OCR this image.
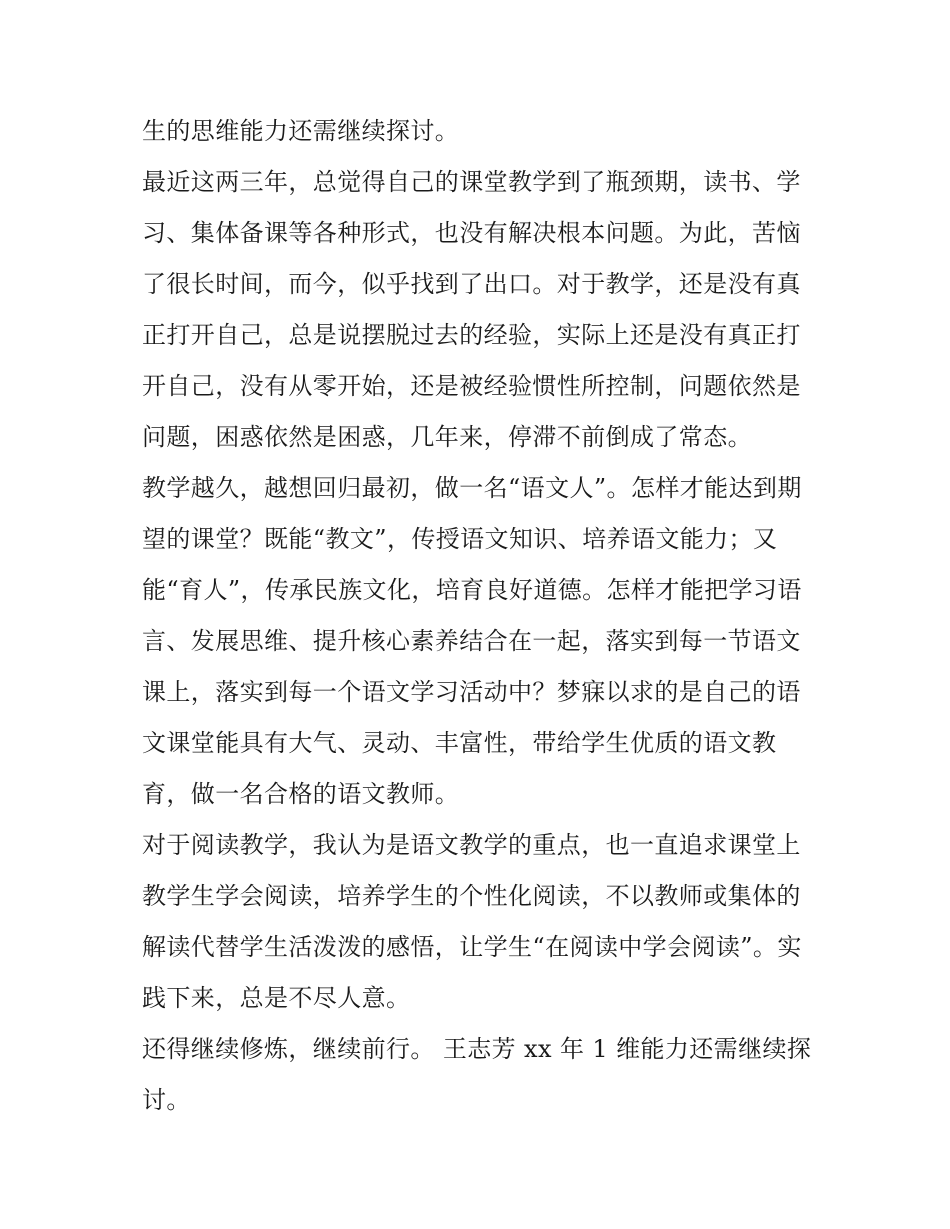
生的思维能力还需继续探讨。

最近这两三年，总觉得自己的课堂教学到了瓶颈期，读书、学
习、集体备课等各种形式，也没有解决根本问题。为此，苦恼
了很长时间，而今，似乎找到了出口。对于教学，还是没有真
正打开自己，总是说摆脱过去的经验，实际上还是没有真正打
开自己，没有从零开始，还是被经验惯性所控制，问题依然是
问题，困惑依然是困惑，几年来，停滞不前倒成了常态。

教学越久，越想回归最初，做一名“语文人”。怎样才能达到期
望的课堂？既能“教文”，传授语文知识、培养语文能力；又
能“育人”，传承民族文化，培育良好道德。怎样才能把学习语
言、发展思维、提升核心素养结合在一起，落实到每一节语文
课上，落实到每一个语文学习活动中？梦寐以求的是自己的语
文课堂能具有大气、灵动、丰富性，带给学生优质的语文教
育，做一名合格的语文教师。

对于阅读教学，我认为是语文教学的重点，也一直追求课堂上
教学生学会阅读，培养学生的个性化阅读，不以教师或集体的
解读代替学生活泼泼的感悟，让学生“在阅读中学会阅读”。实
践下来，总是不尽人意。

还得继续修炼，继续前行。 王志芳 xx 年 1 维能力还需继续探
讨。
